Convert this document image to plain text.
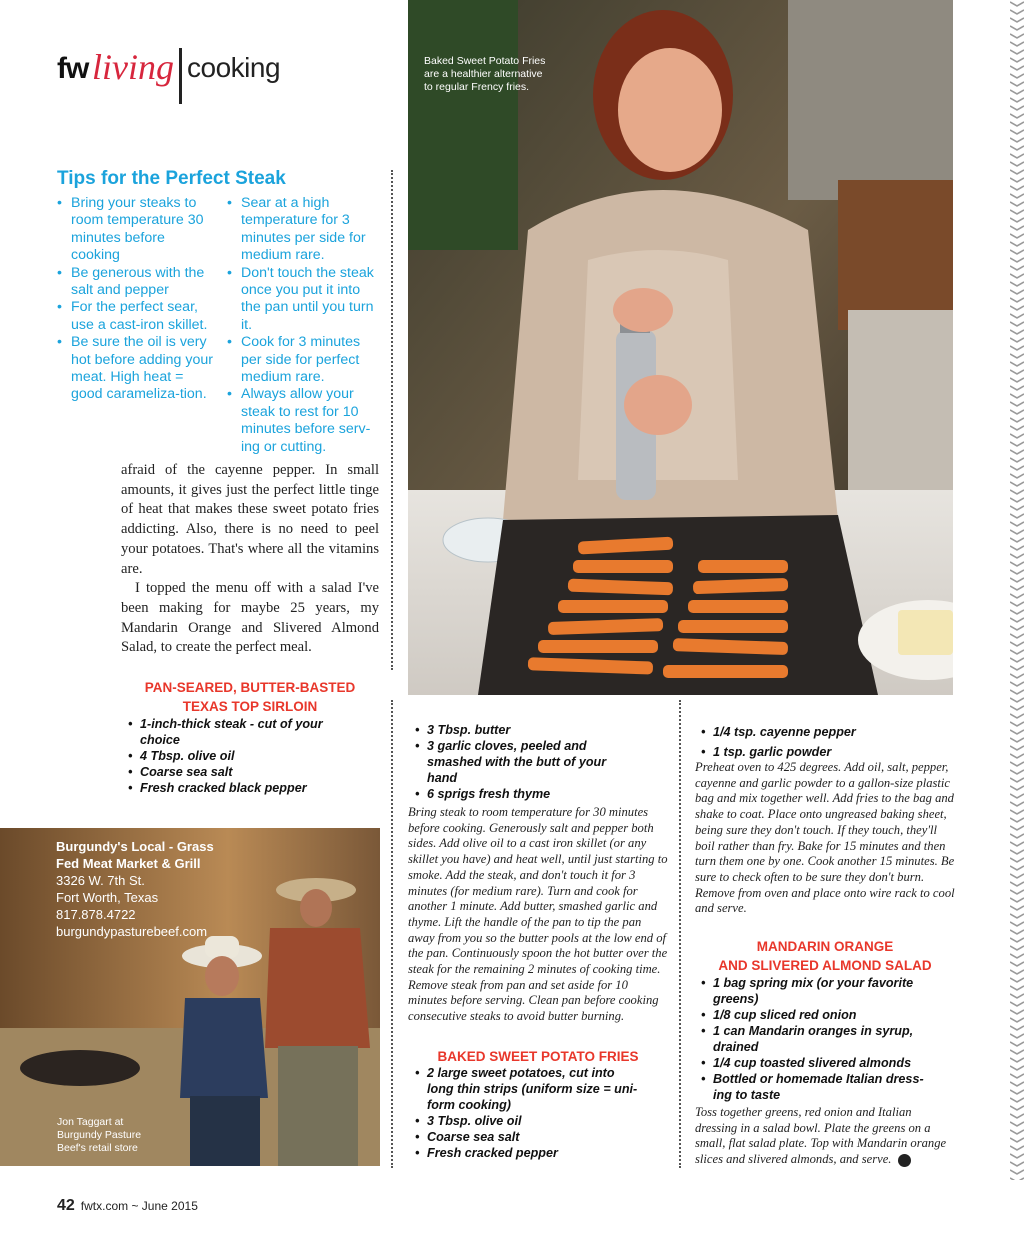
fw living cooking
Tips for the Perfect Steak
• Bring your steaks to room temperature 30 minutes before cooking
• Be generous with the salt and pepper
• For the perfect sear, use a cast-iron skillet.
• Be sure the oil is very hot before adding your meat. High heat = good carameliza-tion.
• Sear at a high temperature for 3 minutes per side for medium rare.
• Don't touch the steak once you put it into the pan until you turn it.
• Cook for 3 minutes per side for perfect medium rare.
• Always allow your steak to rest for 10 minutes before serv-ing or cutting.

afraid of the cayenne pepper. In small amounts, it gives just the perfect little tinge of heat that makes these sweet potato fries addicting. Also, there is no need to peel your potatoes. That's where all the vitamins are.

I topped the menu off with a salad I've been making for maybe 25 years, my Mandarin Orange and Slivered Almond Salad, to create the perfect meal.

PAN-SEARED, BUTTER-BASTED
TEXAS TOP SIRLOIN
• 1-inch-thick steak - cut of your choice
• 4 Tbsp. olive oil
• Coarse sea salt
• Fresh cracked black pepper
• 3 Tbsp. butter
• 3 garlic cloves, peeled and smashed with the butt of your hand
• 6 sprigs fresh thyme
Bring steak to room temperature for 30 minutes before cooking. Generously salt and pepper both sides. Add olive oil to a cast iron skillet (or any skillet you have) and heat well, until just starting to smoke. Add the steak, and don't touch it for 3 minutes (for medium rare). Turn and cook for another 1 minute. Add butter, smashed garlic and thyme. Lift the handle of the pan to tip the pan away from you so the butter pools at the low end of the pan. Continuously spoon the hot butter over the steak for the remaining 2 minutes of cooking time. Remove steak from pan and set aside for 10 minutes before serving. Clean pan before cooking consecutive steaks to avoid butter burning.
BAKED SWEET POTATO FRIES
• 2 large sweet potatoes, cut into long thin strips (uniform size = uni-form cooking)
• 3 Tbsp. olive oil
• Coarse sea salt
• Fresh cracked pepper
• 1/4 tsp. cayenne pepper
• 1 tsp. garlic powder
Preheat oven to 425 degrees. Add oil, salt, pepper, cayenne and garlic powder to a gallon-size plastic bag and mix together well. Add fries to the bag and shake to coat. Place onto ungreased baking sheet, being sure they don't touch. If they touch, they'll boil rather than fry. Bake for 15 minutes and then turn them one by one. Cook another 15 minutes. Be sure to check often to be sure they don't burn. Remove from oven and place onto wire rack to cool and serve.
MANDARIN ORANGE
AND SLIVERED ALMOND SALAD
• 1 bag spring mix (or your favorite greens)
• 1/8 cup sliced red onion
• 1 can Mandarin oranges in syrup, drained
• 1/4 cup toasted slivered almonds
• Bottled or homemade Italian dress-ing to taste
Toss together greens, red onion and Italian dressing in a salad bowl. Plate the greens on a small, flat salad plate. Top with Mandarin orange slices and slivered almonds, and serve.
Baked Sweet Potato Fries are a healthier alternative to regular Frency fries.
Burgundy's Local - Grass
Fed Meat Market & Grill
3326 W. 7th St.
Fort Worth, Texas
817.878.4722
burgundypasturebeef.com
Jon Taggart at Burgundy Pasture Beef's retail store
42 fwtx.com ~ June 2015
